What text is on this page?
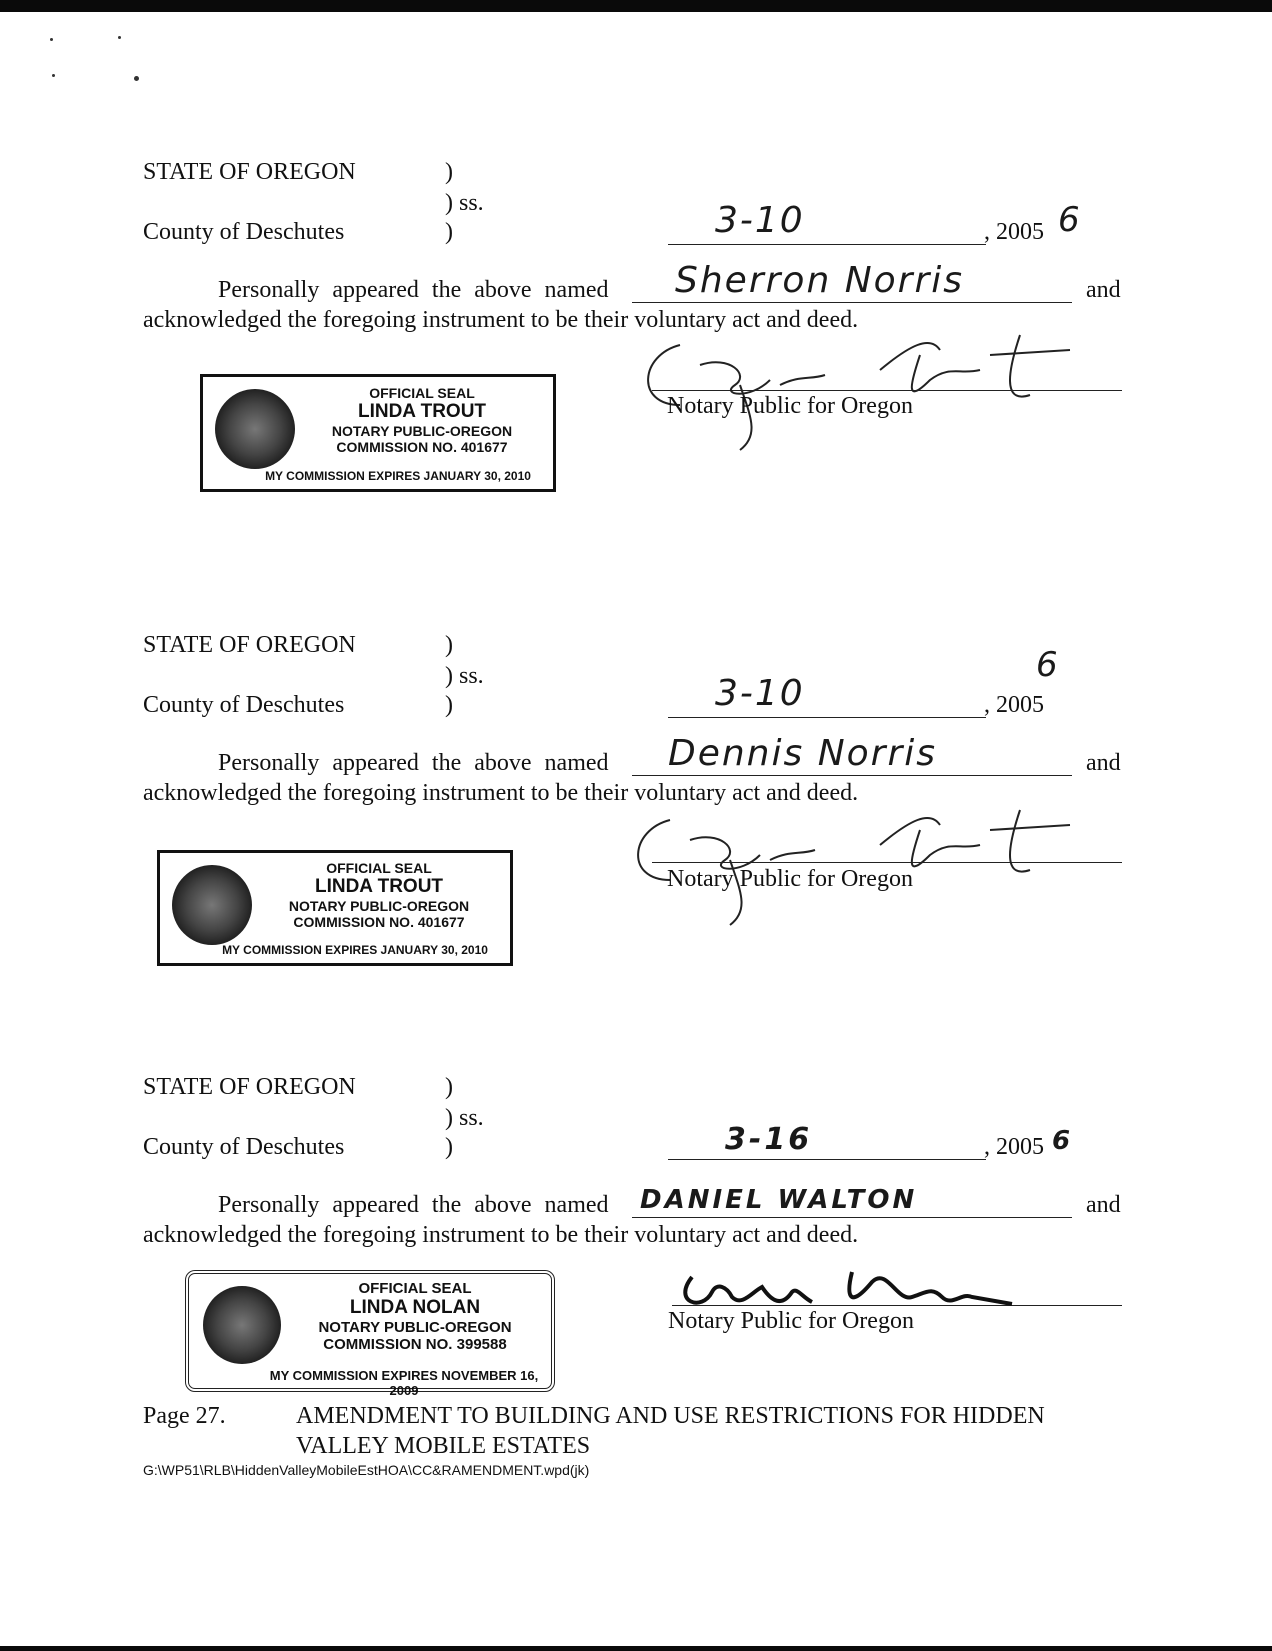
STATE OF OREGON	)
) ss.
County of Deschutes	)	3-10	, 2005 6
Personally appeared the above named Sherron Norris	and
acknowledged the foregoing instrument to be their voluntary act and deed.
Notary Public for Oregon
OFFICIAL SEAL
LINDA TROUT
NOTARY PUBLIC-OREGON
COMMISSION NO. 401677
MY COMMISSION EXPIRES JANUARY 30, 2010
STATE OF OREGON	)
) ss.
County of Deschutes	)	3-10	, 2005
6
Personally appeared the above named Dennis Norris	and
acknowledged the foregoing instrument to be their voluntary act and deed.
Notary Public for Oregon
OFFICIAL SEAL
LINDA TROUT
NOTARY PUBLIC-OREGON
COMMISSION NO. 401677
MY COMMISSION EXPIRES JANUARY 30, 2010
STATE OF OREGON	)
) ss.
County of Deschutes	)	3-16	, 2005 6
Personally appeared the above named DANIEL WALTON	and
acknowledged the foregoing instrument to be their voluntary act and deed.
Notary Public for Oregon
OFFICIAL SEAL
LINDA NOLAN
NOTARY PUBLIC-OREGON
COMMISSION NO. 399588
MY COMMISSION EXPIRES NOVEMBER 16, 2009
Page 27.	AMENDMENT TO BUILDING AND USE RESTRICTIONS FOR HIDDEN
VALLEY MOBILE ESTATES
G:\WP51\RLB\HiddenValleyMobileEstHOA\CC&RAMENDMENT.wpd(jk)
